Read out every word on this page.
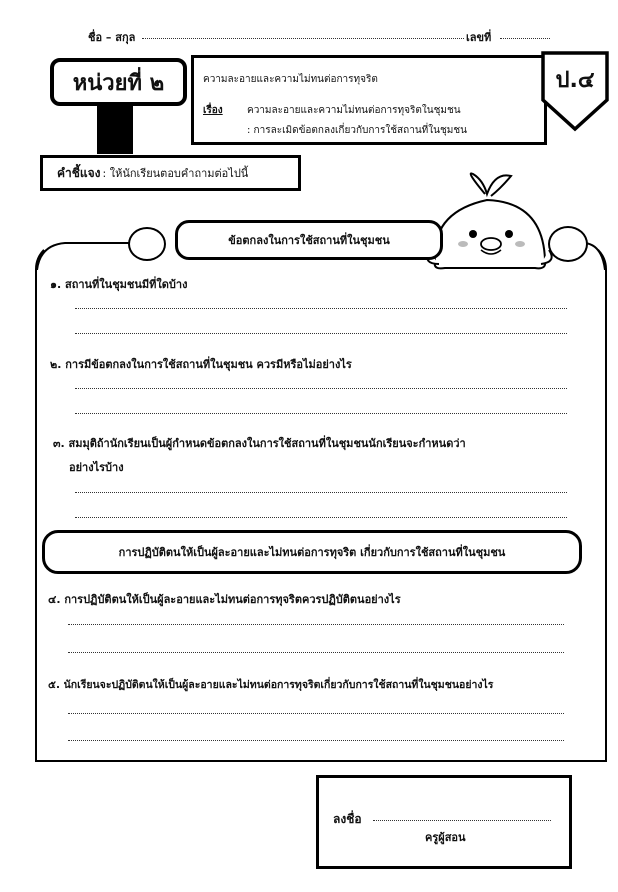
ชื่อ – สกุล	เลขที่
หน่วยที่ ๒	ความละอายและความไม่ทนต่อการทุจริต
เรื่อง ความละอายและความไม่ทนต่อการทุจริตในชุมชน
: การละเมิดข้อตกลงเกี่ยวกับการใช้สถานที่ในชุมชน
ป.๔
คำชี้แจง : ให้นักเรียนตอบคำถามต่อไปนี้
ข้อตกลงในการใช้สถานที่ในชุมชน
๑. สถานที่ในชุมชนมีที่ใดบ้าง
๒. การมีข้อตกลงในการใช้สถานที่ในชุมชน ควรมีหรือไม่อย่างไร
๓. สมมุติถ้านักเรียนเป็นผู้กำหนดข้อตกลงในการใช้สถานที่ในชุมชนนักเรียนจะกำหนดว่า
อย่างไรบ้าง
การปฏิบัติตนให้เป็นผู้ละอายและไม่ทนต่อการทุจริต เกี่ยวกับการใช้สถานที่ในชุมชน
๔. การปฏิบัติตนให้เป็นผู้ละอายและไม่ทนต่อการทุจริตควรปฏิบัติตนอย่างไร
๕. นักเรียนจะปฏิบัติตนให้เป็นผู้ละอายและไม่ทนต่อการทุจริตเกี่ยวกับการใช้สถานที่ในชุมชนอย่างไร
ลงชื่อ
ครูผู้สอน
